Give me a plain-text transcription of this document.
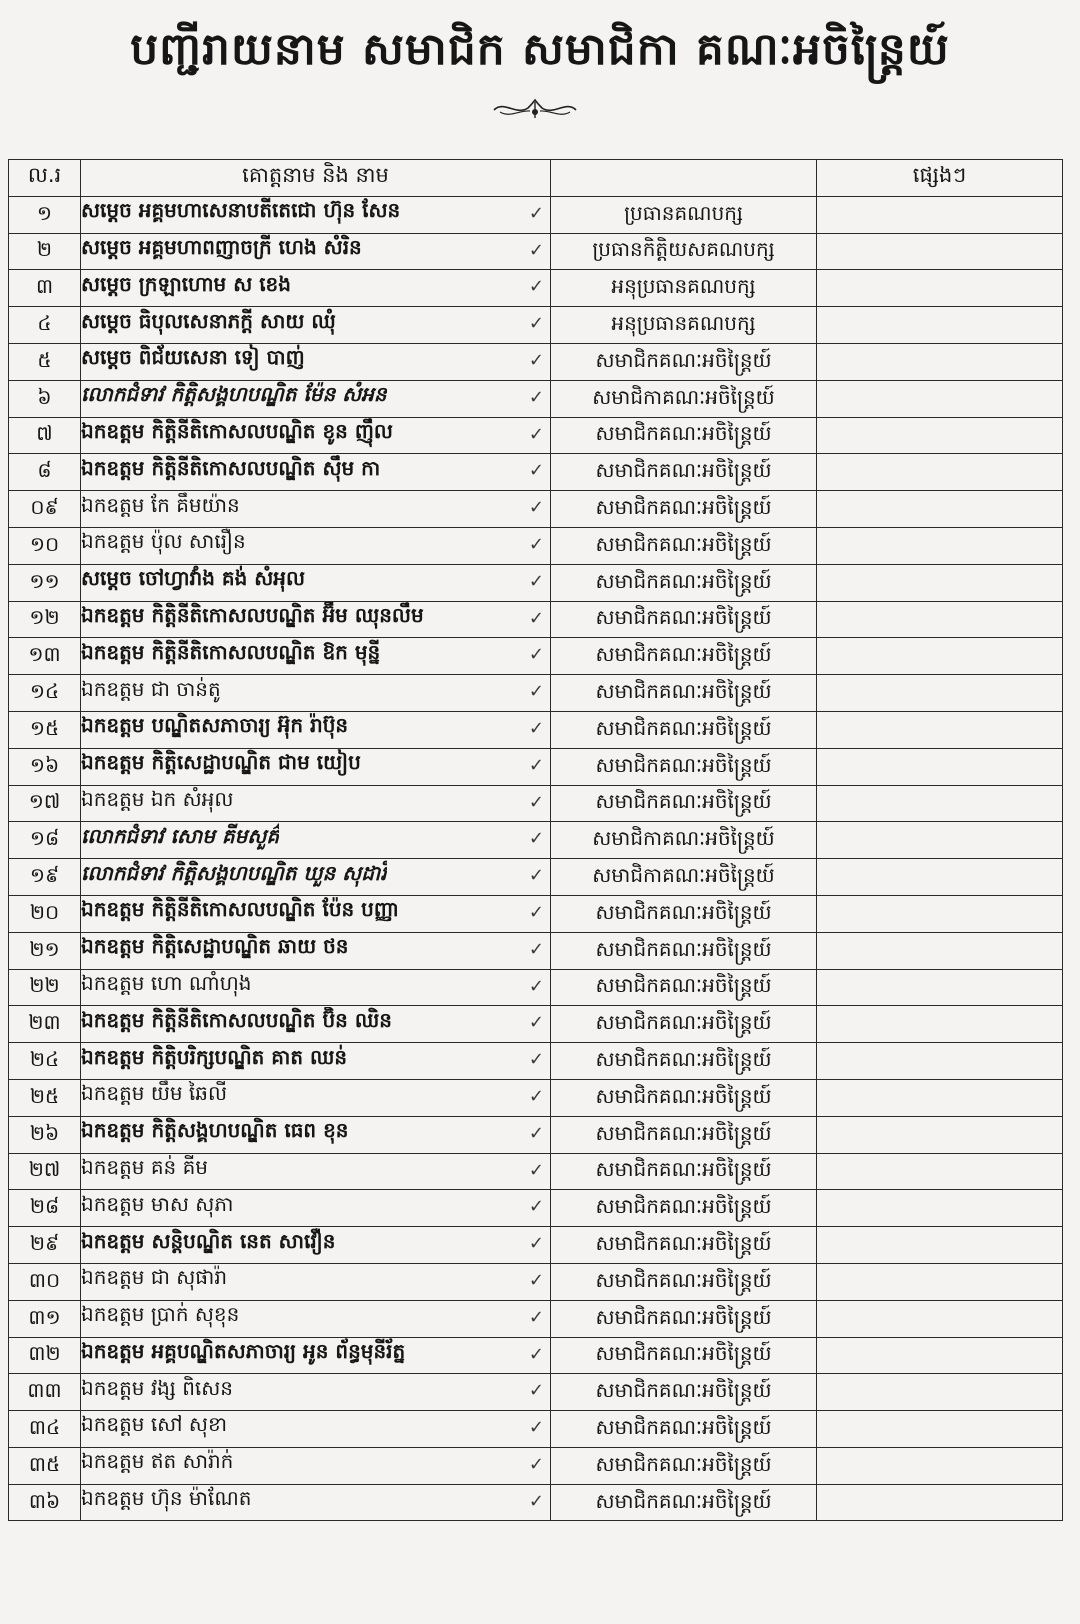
បញ្ជីរាយនាម សមាជិក សមាជិកា គណៈអចិន្ត្រៃយ៍
ល.រ	គោត្តនាម និង នាម		ផ្សេងៗ
១	សម្តេច អគ្គមហាសេនាបតីតេជោ ហ៊ុន សែន ✓	ប្រធានគណបក្ស	
២	សម្តេច អគ្គមហាពញាចក្រី ហេង សំរិន ✓	ប្រធានកិត្តិយសគណបក្ស	
៣	សម្តេច ក្រឡាហោម ស ខេង ✓	អនុប្រធានគណបក្ស	
៤	សម្តេច ធិបុលសេនាភក្តី សាយ ឈុំ ✓	អនុប្រធានគណបក្ស	
៥	សម្តេច ពិជ័យសេនា ទៀ បាញ់ ✓	សមាជិកគណៈអចិន្ត្រៃយ៍	
៦	លោកជំទាវ កិត្តិសង្គហបណ្ឌិត ម៉ែន សំអន ✓	សមាជិកាគណៈអចិន្ត្រៃយ៍	
៧	ឯកឧត្តម កិត្តិនីតិកោសលបណ្ឌិត ខូន ញ៉ឹល ✓	សមាជិកគណៈអចិន្ត្រៃយ៍	
៨	ឯកឧត្តម កិត្តិនីតិកោសលបណ្ឌិត ស៊ឹម កា ✓	សមាជិកគណៈអចិន្ត្រៃយ៍	
០៩	ឯកឧត្តម កែ គឹមយ៉ាន ✓	សមាជិកគណៈអចិន្ត្រៃយ៍	
១០	ឯកឧត្តម ប៉ុល សារឿន ✓	សមាជិកគណៈអចិន្ត្រៃយ៍	
១១	សម្តេច ចៅហ្វាវាំង គង់ សំអុល ✓	សមាជិកគណៈអចិន្ត្រៃយ៍	
១២	ឯកឧត្តម កិត្តិនីតិកោសលបណ្ឌិត អ៊ឹម ឈុនលឹម ✓	សមាជិកគណៈអចិន្ត្រៃយ៍	
១៣	ឯកឧត្តម កិត្តិនីតិកោសលបណ្ឌិត ឱក មុន្នី ✓	សមាជិកគណៈអចិន្ត្រៃយ៍	
១៤	ឯកឧត្តម ជា ចាន់តូ ✓	សមាជិកគណៈអចិន្ត្រៃយ៍	
១៥	ឯកឧត្តម បណ្ឌិតសភាចារ្យ អ៊ុក រ៉ាប៊ុន ✓	សមាជិកគណៈអចិន្ត្រៃយ៍	
១៦	ឯកឧត្តម កិត្តិសេដ្ឋាបណ្ឌិត ជាម យៀប ✓	សមាជិកគណៈអចិន្ត្រៃយ៍	
១៧	ឯកឧត្តម ឯក សំអុល ✓	សមាជិកគណៈអចិន្ត្រៃយ៍	
១៨	លោកជំទាវ សោម គីមសួគ៌ ✓	សមាជិកាគណៈអចិន្ត្រៃយ៍	
១៩	លោកជំទាវ កិត្តិសង្គហបណ្ឌិត ឃួន សុដារី ✓	សមាជិកាគណៈអចិន្ត្រៃយ៍	
២០	ឯកឧត្តម កិត្តិនីតិកោសលបណ្ឌិត ប៉ែន បញ្ញា ✓	សមាជិកគណៈអចិន្ត្រៃយ៍	
២១	ឯកឧត្តម កិត្តិសេដ្ឋាបណ្ឌិត ឆាយ ថន ✓	សមាជិកគណៈអចិន្ត្រៃយ៍	
២២	ឯកឧត្តម ហោ ណាំហុង ✓	សមាជិកគណៈអចិន្ត្រៃយ៍	
២៣	ឯកឧត្តម កិត្តិនីតិកោសលបណ្ឌិត ប៊ិន ឈិន ✓	សមាជិកគណៈអចិន្ត្រៃយ៍	
២៤	ឯកឧត្តម កិត្តិបរិក្សបណ្ឌិត គាត ឈន់ ✓	សមាជិកគណៈអចិន្ត្រៃយ៍	
២៥	ឯកឧត្តម យឹម ឆៃលី ✓	សមាជិកគណៈអចិន្ត្រៃយ៍	
២៦	ឯកឧត្តម កិត្តិសង្គហបណ្ឌិត ធេព ខុន ✓	សមាជិកគណៈអចិន្ត្រៃយ៍	
២៧	ឯកឧត្តម គន់ គីម ✓	សមាជិកគណៈអចិន្ត្រៃយ៍	
២៨	ឯកឧត្តម មាស សុភា ✓	សមាជិកគណៈអចិន្ត្រៃយ៍	
២៩	ឯកឧត្តម សន្តិបណ្ឌិត នេត សាវឿន ✓	សមាជិកគណៈអចិន្ត្រៃយ៍	
៣០	ឯកឧត្តម ជា សុផារ៉ា ✓	សមាជិកគណៈអចិន្ត្រៃយ៍	
៣១	ឯកឧត្តម ប្រាក់ សុខុន ✓	សមាជិកគណៈអចិន្ត្រៃយ៍	
៣២	ឯកឧត្តម អគ្គបណ្ឌិតសភាចារ្យ អូន ព័ន្ធមុនីរ័ត្ន ✓	សមាជិកគណៈអចិន្ត្រៃយ៍	
៣៣	ឯកឧត្តម វង្ស ពិសេន ✓	សមាជិកគណៈអចិន្ត្រៃយ៍	
៣៤	ឯកឧត្តម សៅ សុខា ✓	សមាជិកគណៈអចិន្ត្រៃយ៍	
៣៥	ឯកឧត្តម ឥត សារ៉ាក់ ✓	សមាជិកគណៈអចិន្ត្រៃយ៍	
៣៦	ឯកឧត្តម ហ៊ុន ម៉ាណែត ✓	សមាជិកគណៈអចិន្ត្រៃយ៍	
